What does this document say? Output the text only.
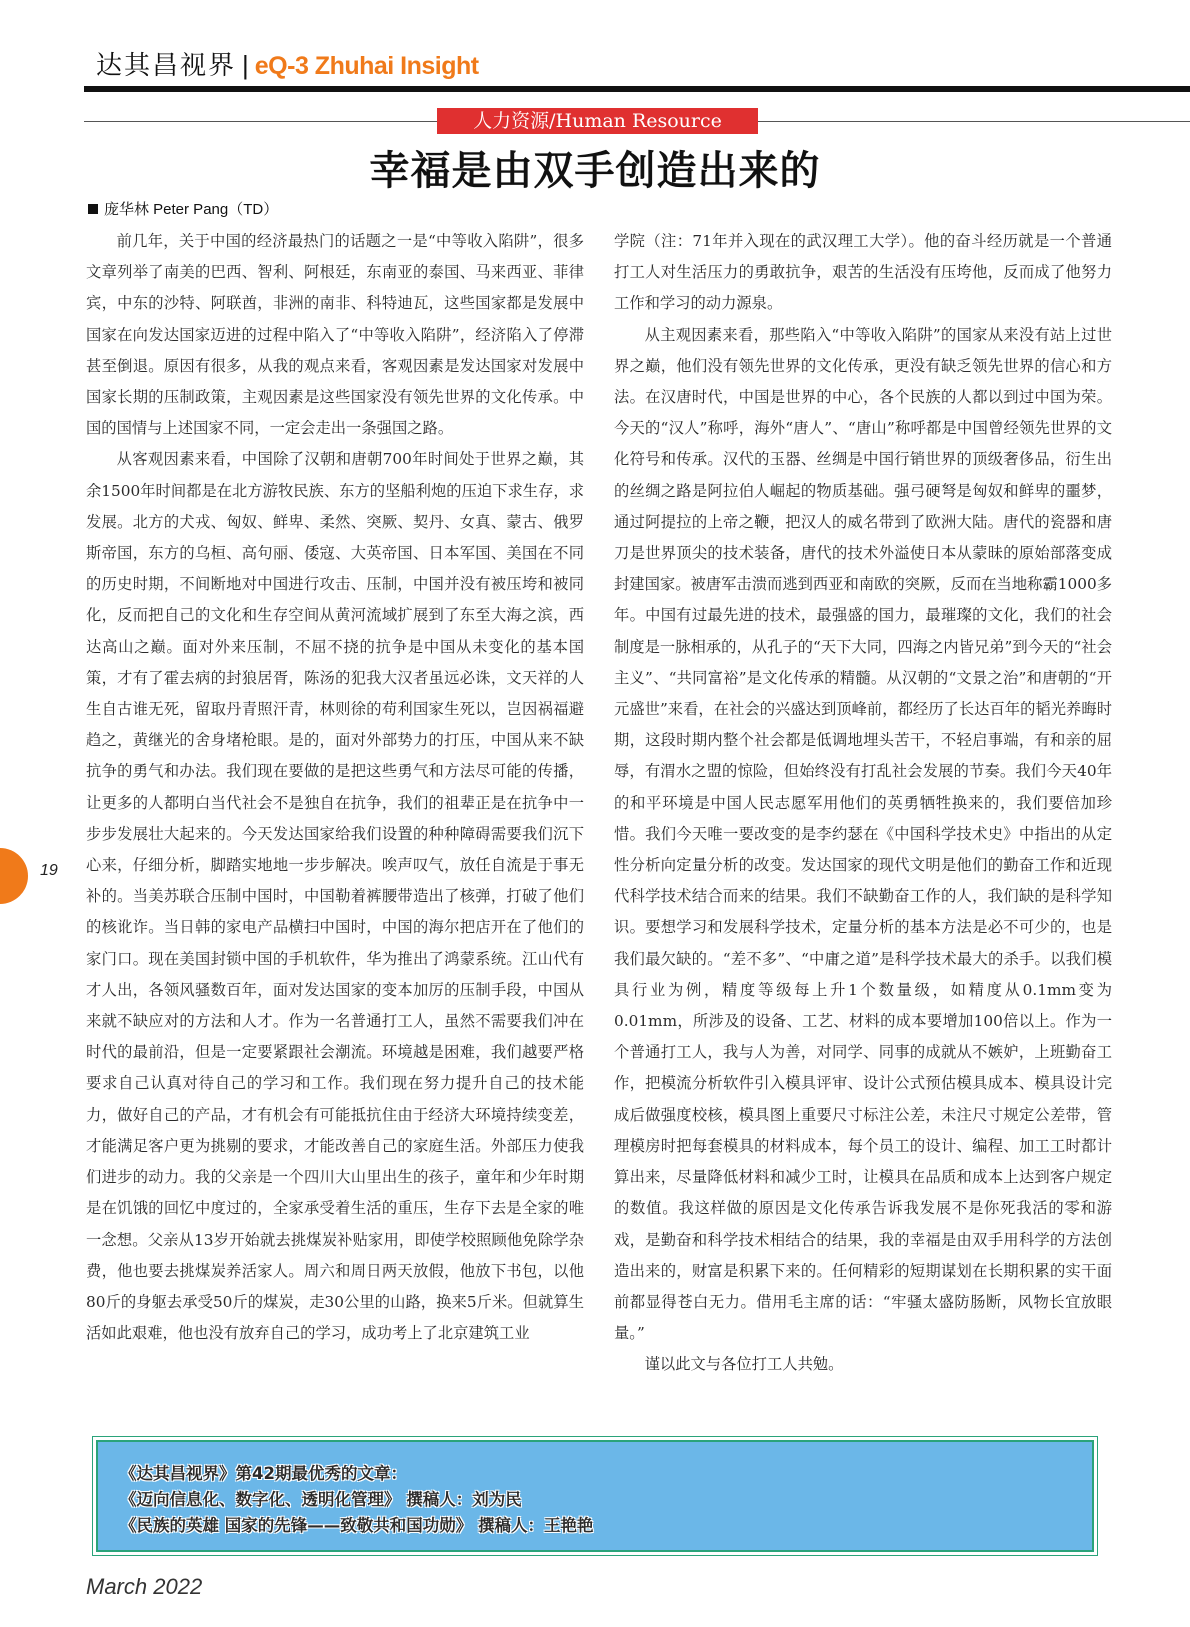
达其昌视界 | eQ-3 Zhuhai Insight
人力资源/Human Resource
幸福是由双手创造出来的
庞华林 Peter Pang（TD）

前几年，关于中国的经济最热门的话题之一是“中等收入陷阱”，很多文章列举了南美的巴西、智利、阿根廷，东南亚的泰国、马来西亚、菲律宾，中东的沙特、阿联酋，非洲的南非、科特迪瓦，这些国家都是发展中国家在向发达国家迈进的过程中陷入了“中等收入陷阱”，经济陷入了停滞甚至倒退。原因有很多，从我的观点来看，客观因素是发达国家对发展中国家长期的压制政策，主观因素是这些国家没有领先世界的文化传承。中国的国情与上述国家不同，一定会走出一条强国之路。

从客观因素来看，中国除了汉朝和唐朝700年时间处于世界之巅，其余1500年时间都是在北方游牧民族、东方的坚船利炮的压迫下求生存，求发展。北方的犬戎、匈奴、鲜卑、柔然、突厥、契丹、女真、蒙古、俄罗斯帝国，东方的乌桓、高句丽、倭寇、大英帝国、日本军国、美国在不同的历史时期，不间断地对中国进行攻击、压制，中国并没有被压垮和被同化，反而把自己的文化和生存空间从黄河流域扩展到了东至大海之滨，西达高山之巅。面对外来压制，不屈不挠的抗争是中国从未变化的基本国策，才有了霍去病的封狼居胥，陈汤的犯我大汉者虽远必诛，文天祥的人生自古谁无死，留取丹青照汗青，林则徐的苟利国家生死以，岂因祸福避趋之，黄继光的舍身堵枪眼。是的，面对外部势力的打压，中国从来不缺抗争的勇气和办法。我们现在要做的是把这些勇气和方法尽可能的传播，让更多的人都明白当代社会不是独自在抗争，我们的祖辈正是在抗争中一步步发展壮大起来的。今天发达国家给我们设置的种种障碍需要我们沉下心来，仔细分析，脚踏实地地一步步解决。唉声叹气，放任自流是于事无补的。当美苏联合压制中国时，中国勒着裤腰带造出了核弹，打破了他们的核讹诈。当日韩的家电产品横扫中国时，中国的海尔把店开在了他们的家门口。现在美国封锁中国的手机软件，华为推出了鸿蒙系统。江山代有才人出，各领风骚数百年，面对发达国家的变本加厉的压制手段，中国从来就不缺应对的方法和人才。作为一名普通打工人，虽然不需要我们冲在时代的最前沿，但是一定要紧跟社会潮流。环境越是困难，我们越要严格要求自己认真对待自己的学习和工作。我们现在努力提升自己的技术能力，做好自己的产品，才有机会有可能抵抗住由于经济大环境持续变差，才能满足客户更为挑剔的要求，才能改善自己的家庭生活。外部压力使我们进步的动力。我的父亲是一个四川大山里出生的孩子，童年和少年时期是在饥饿的回忆中度过的，全家承受着生活的重压，生存下去是全家的唯一念想。父亲从13岁开始就去挑煤炭补贴家用，即使学校照顾他免除学杂费，他也要去挑煤炭养活家人。周六和周日两天放假，他放下书包，以他80斤的身躯去承受50斤的煤炭，走30公里的山路，换来5斤米。但就算生活如此艰难，他也没有放弃自己的学习，成功考上了北京建筑工业

学院（注：71年并入现在的武汉理工大学）。他的奋斗经历就是一个普通打工人对生活压力的勇敢抗争，艰苦的生活没有压垮他，反而成了他努力工作和学习的动力源泉。

从主观因素来看，那些陷入“中等收入陷阱”的国家从来没有站上过世界之巅，他们没有领先世界的文化传承，更没有缺乏领先世界的信心和方法。在汉唐时代，中国是世界的中心，各个民族的人都以到过中国为荣。今天的“汉人”称呼，海外“唐人”、“唐山”称呼都是中国曾经领先世界的文化符号和传承。汉代的玉器、丝绸是中国行销世界的顶级奢侈品，衍生出的丝绸之路是阿拉伯人崛起的物质基础。强弓硬弩是匈奴和鲜卑的噩梦，通过阿提拉的上帝之鞭，把汉人的威名带到了欧洲大陆。唐代的瓷器和唐刀是世界顶尖的技术装备，唐代的技术外溢使日本从蒙昧的原始部落变成封建国家。被唐军击溃而逃到西亚和南欧的突厥，反而在当地称霸1000多年。中国有过最先进的技术，最强盛的国力，最璀璨的文化，我们的社会制度是一脉相承的，从孔子的“天下大同，四海之内皆兄弟”到今天的“社会主义”、“共同富裕”是文化传承的精髓。从汉朝的“文景之治”和唐朝的“开元盛世”来看，在社会的兴盛达到顶峰前，都经历了长达百年的韬光养晦时期，这段时期内整个社会都是低调地埋头苦干，不轻启事端，有和亲的屈辱，有渭水之盟的惊险，但始终没有打乱社会发展的节奏。我们今天40年的和平环境是中国人民志愿军用他们的英勇牺牲换来的，我们要倍加珍惜。我们今天唯一要改变的是李约瑟在《中国科学技术史》中指出的从定性分析向定量分析的改变。发达国家的现代文明是他们的勤奋工作和近现代科学技术结合而来的结果。我们不缺勤奋工作的人，我们缺的是科学知识。要想学习和发展科学技术，定量分析的基本方法是必不可少的，也是我们最欠缺的。“差不多”、“中庸之道”是科学技术最大的杀手。以我们模具行业为例，精度等级每上升1个数量级，如精度从0.1mm变为0.01mm，所涉及的设备、工艺、材料的成本要增加100倍以上。作为一个普通打工人，我与人为善，对同学、同事的成就从不嫉妒，上班勤奋工作，把模流分析软件引入模具评审、设计公式预估模具成本、模具设计完成后做强度校核，模具图上重要尺寸标注公差，未注尺寸规定公差带，管理模房时把每套模具的材料成本，每个员工的设计、编程、加工工时都计算出来，尽量降低材料和减少工时，让模具在品质和成本上达到客户规定的数值。我这样做的原因是文化传承告诉我发展不是你死我活的零和游戏，是勤奋和科学技术相结合的结果，我的幸福是由双手用科学的方法创造出来的，财富是积累下来的。任何精彩的短期谋划在长期积累的实干面前都显得苍白无力。借用毛主席的话：“牢骚太盛防肠断，风物长宜放眼量。”

谨以此文与各位打工人共勉。

19
《达其昌视界》第42期最优秀的文章：
《迈向信息化、数字化、透明化管理》 撰稿人：刘为民
《民族的英雄 国家的先锋——致敬共和国功勋》 撰稿人：王艳艳
March 2022
